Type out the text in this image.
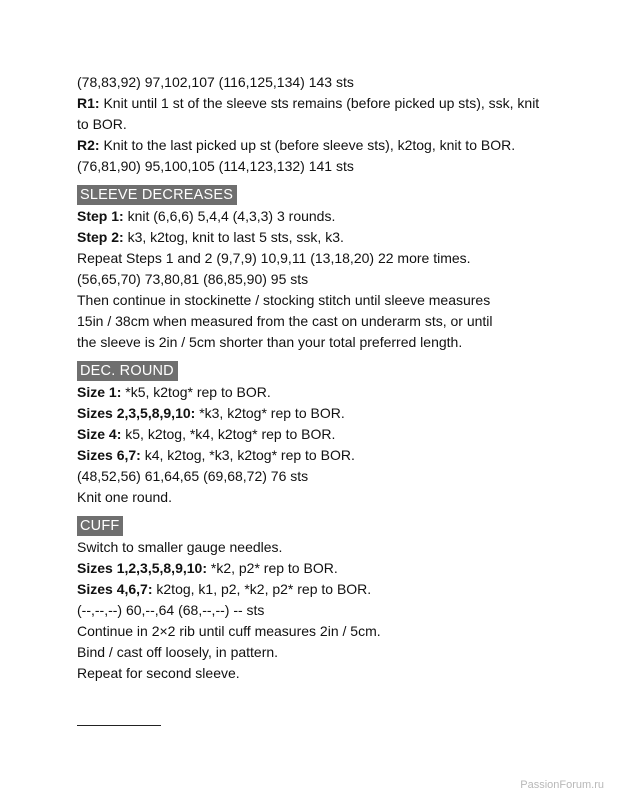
(78,83,92) 97,102,107 (116,125,134) 143 sts
R1: Knit until 1 st of the sleeve sts remains (before picked up sts), ssk, knit to BOR.
R2: Knit to the last picked up st (before sleeve sts), k2tog, knit to BOR.
(76,81,90) 95,100,105 (114,123,132) 141 sts
SLEEVE DECREASES
Step 1: knit (6,6,6) 5,4,4 (4,3,3) 3 rounds.
Step 2: k3, k2tog, knit to last 5 sts, ssk, k3.
Repeat Steps 1 and 2 (9,7,9) 10,9,11 (13,18,20) 22 more times.
(56,65,70) 73,80,81 (86,85,90) 95 sts
Then continue in stockinette / stocking stitch until sleeve measures
15in / 38cm when measured from the cast on underarm sts, or until
the sleeve is 2in / 5cm shorter than your total preferred length.
DEC. ROUND
Size 1: *k5, k2tog* rep to BOR.
Sizes 2,3,5,8,9,10: *k3, k2tog* rep to BOR.
Size 4: k5, k2tog, *k4, k2tog* rep to BOR.
Sizes 6,7: k4, k2tog, *k3, k2tog* rep to BOR.
(48,52,56) 61,64,65 (69,68,72) 76 sts
Knit one round.
CUFF
Switch to smaller gauge needles.
Sizes 1,2,3,5,8,9,10: *k2, p2* rep to BOR.
Sizes 4,6,7: k2tog, k1, p2, *k2, p2* rep to BOR.
(--,--,--) 60,--,64 (68,--,--) -- sts
Continue in 2×2 rib until cuff measures 2in / 5cm.
Bind / cast off loosely, in pattern.
Repeat for second sleeve.
PassionForum.ru
